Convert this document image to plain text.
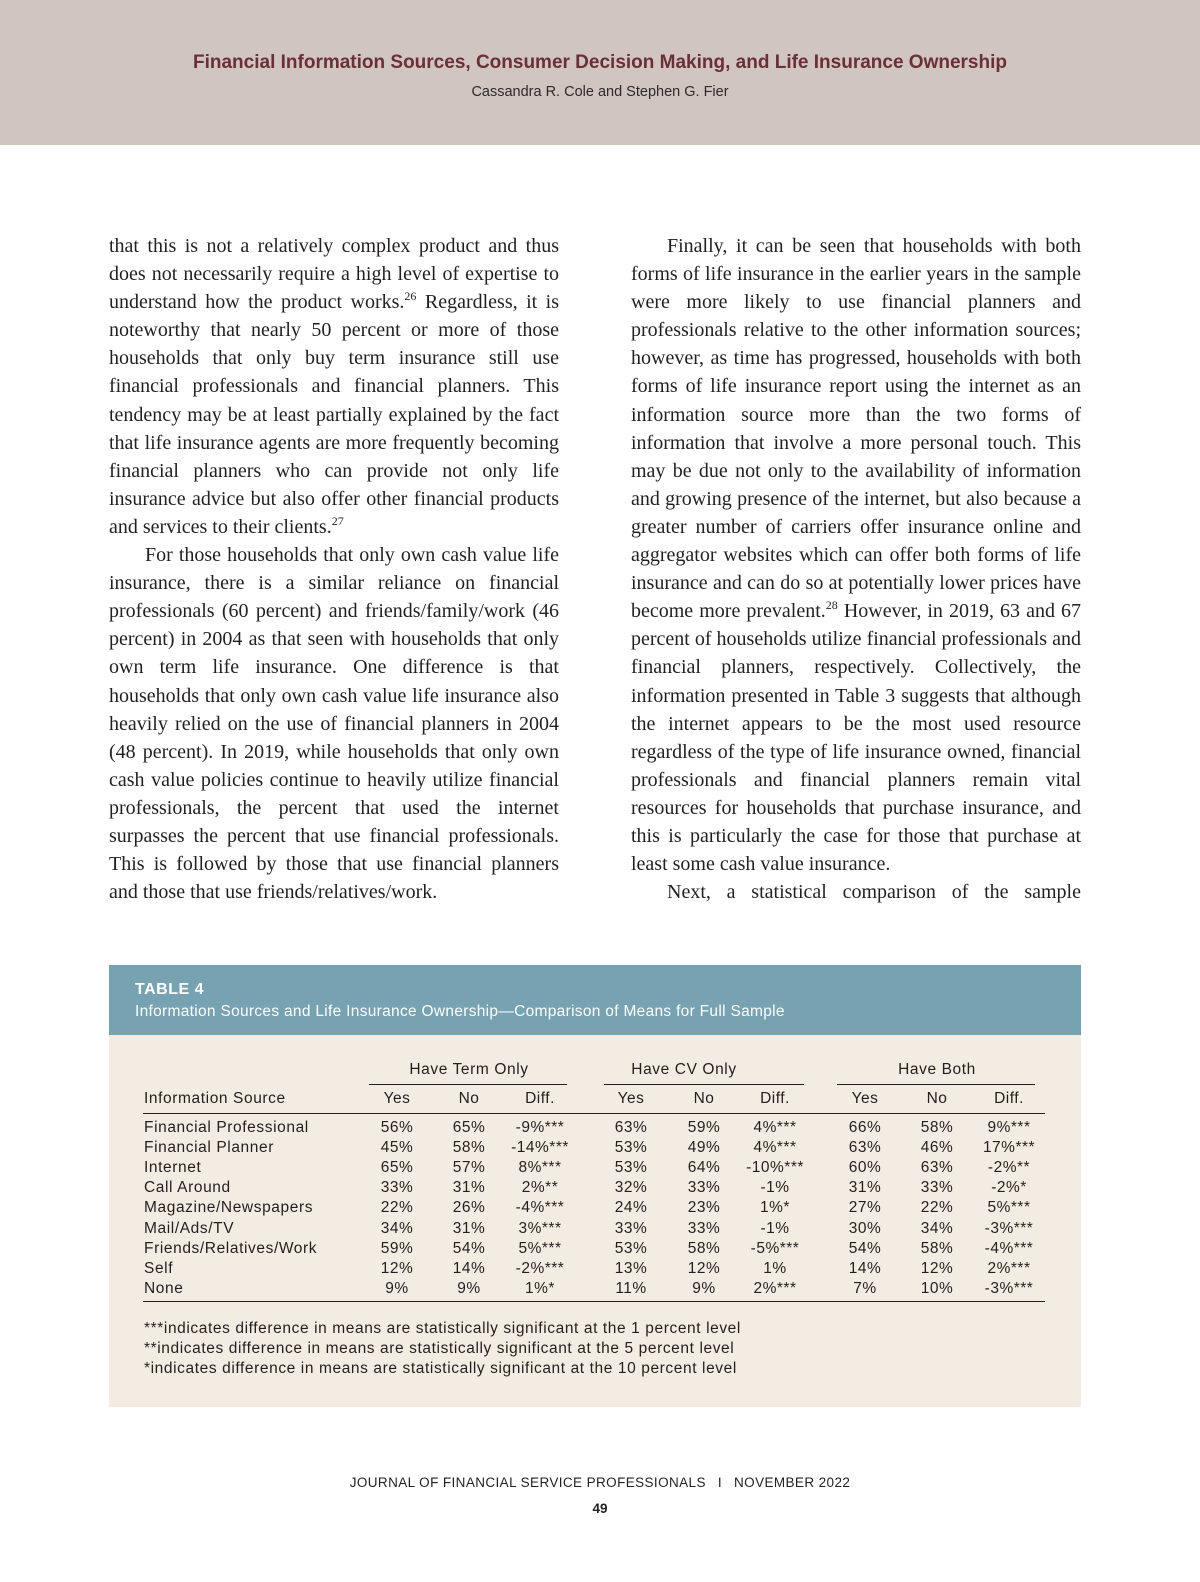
Financial Information Sources, Consumer Decision Making, and Life Insurance Ownership
Cassandra R. Cole and Stephen G. Fier

that this is not a relatively complex product and thus does not necessarily require a high level of expertise to understand how the product works.$^{26}$ Regardless, it is noteworthy that nearly 50 percent or more of those households that only buy term insurance still use financial professionals and financial planners. This tendency may be at least partially explained by the fact that life insurance agents are more frequently becoming financial planners who can provide not only life insurance advice but also offer other financial products and services to their clients.$^{27}$

For those households that only own cash value life insurance, there is a similar reliance on financial professionals (60 percent) and friends/family/work (46 percent) in 2004 as that seen with households that only own term life insurance. One difference is that households that only own cash value life insurance also heavily relied on the use of financial planners in 2004 (48 percent). In 2019, while households that only own cash value policies continue to heavily utilize financial professionals, the percent that used the internet surpasses the percent that use financial professionals. This is followed by those that use financial planners and those that use friends/relatives/work.

Finally, it can be seen that households with both forms of life insurance in the earlier years in the sample were more likely to use financial planners and professionals relative to the other information sources; however, as time has progressed, households with both forms of life insurance report using the internet as an information source more than the two forms of information that involve a more personal touch. This may be due not only to the availability of information and growing presence of the internet, but also because a greater number of carriers offer insurance online and aggregator websites which can offer both forms of life insurance and can do so at potentially lower prices have become more prevalent.$^{28}$ However, in 2019, 63 and 67 percent of households utilize financial professionals and financial planners, respectively. Collectively, the information presented in Table 3 suggests that although the internet appears to be the most used resource regardless of the type of life insurance owned, financial professionals and financial planners remain vital resources for households that purchase insurance, and this is particularly the case for those that purchase at least some cash value insurance.

Next, a statistical comparison of the sample

TABLE 4
Information Sources and Life Insurance Ownership—Comparison of Means for Full Sample
Have Term Only	Have CV Only	Have Both
Information Source	Yes	No	Diff.	Yes	No	Diff.	Yes	No	Diff.
Financial Professional	56%	65%	-9%***	63%	59%	4%***	66%	58%	9%***
Financial Planner	45%	58%	-14%***	53%	49%	4%***	63%	46%	17%***
Internet	65%	57%	8%***	53%	64%	-10%***	60%	63%	-2%**
Call Around	33%	31%	2%**	32%	33%	-1%	31%	33%	-2%*
Magazine/Newspapers	22%	26%	-4%***	24%	23%	1%*	27%	22%	5%***
Mail/Ads/TV	34%	31%	3%***	33%	33%	-1%	30%	34%	-3%***
Friends/Relatives/Work	59%	54%	5%***	53%	58%	-5%***	54%	58%	-4%***
Self	12%	14%	-2%***	13%	12%	1%	14%	12%	2%***
None	9%	9%	1%*	11%	9%	2%***	7%	10%	-3%***
***indicates difference in means are statistically significant at the 1 percent level
**indicates difference in means are statistically significant at the 5 percent level
*indicates difference in means are statistically significant at the 10 percent level
JOURNAL OF FINANCIAL SERVICE PROFESSIONALS I NOVEMBER 2022
49
